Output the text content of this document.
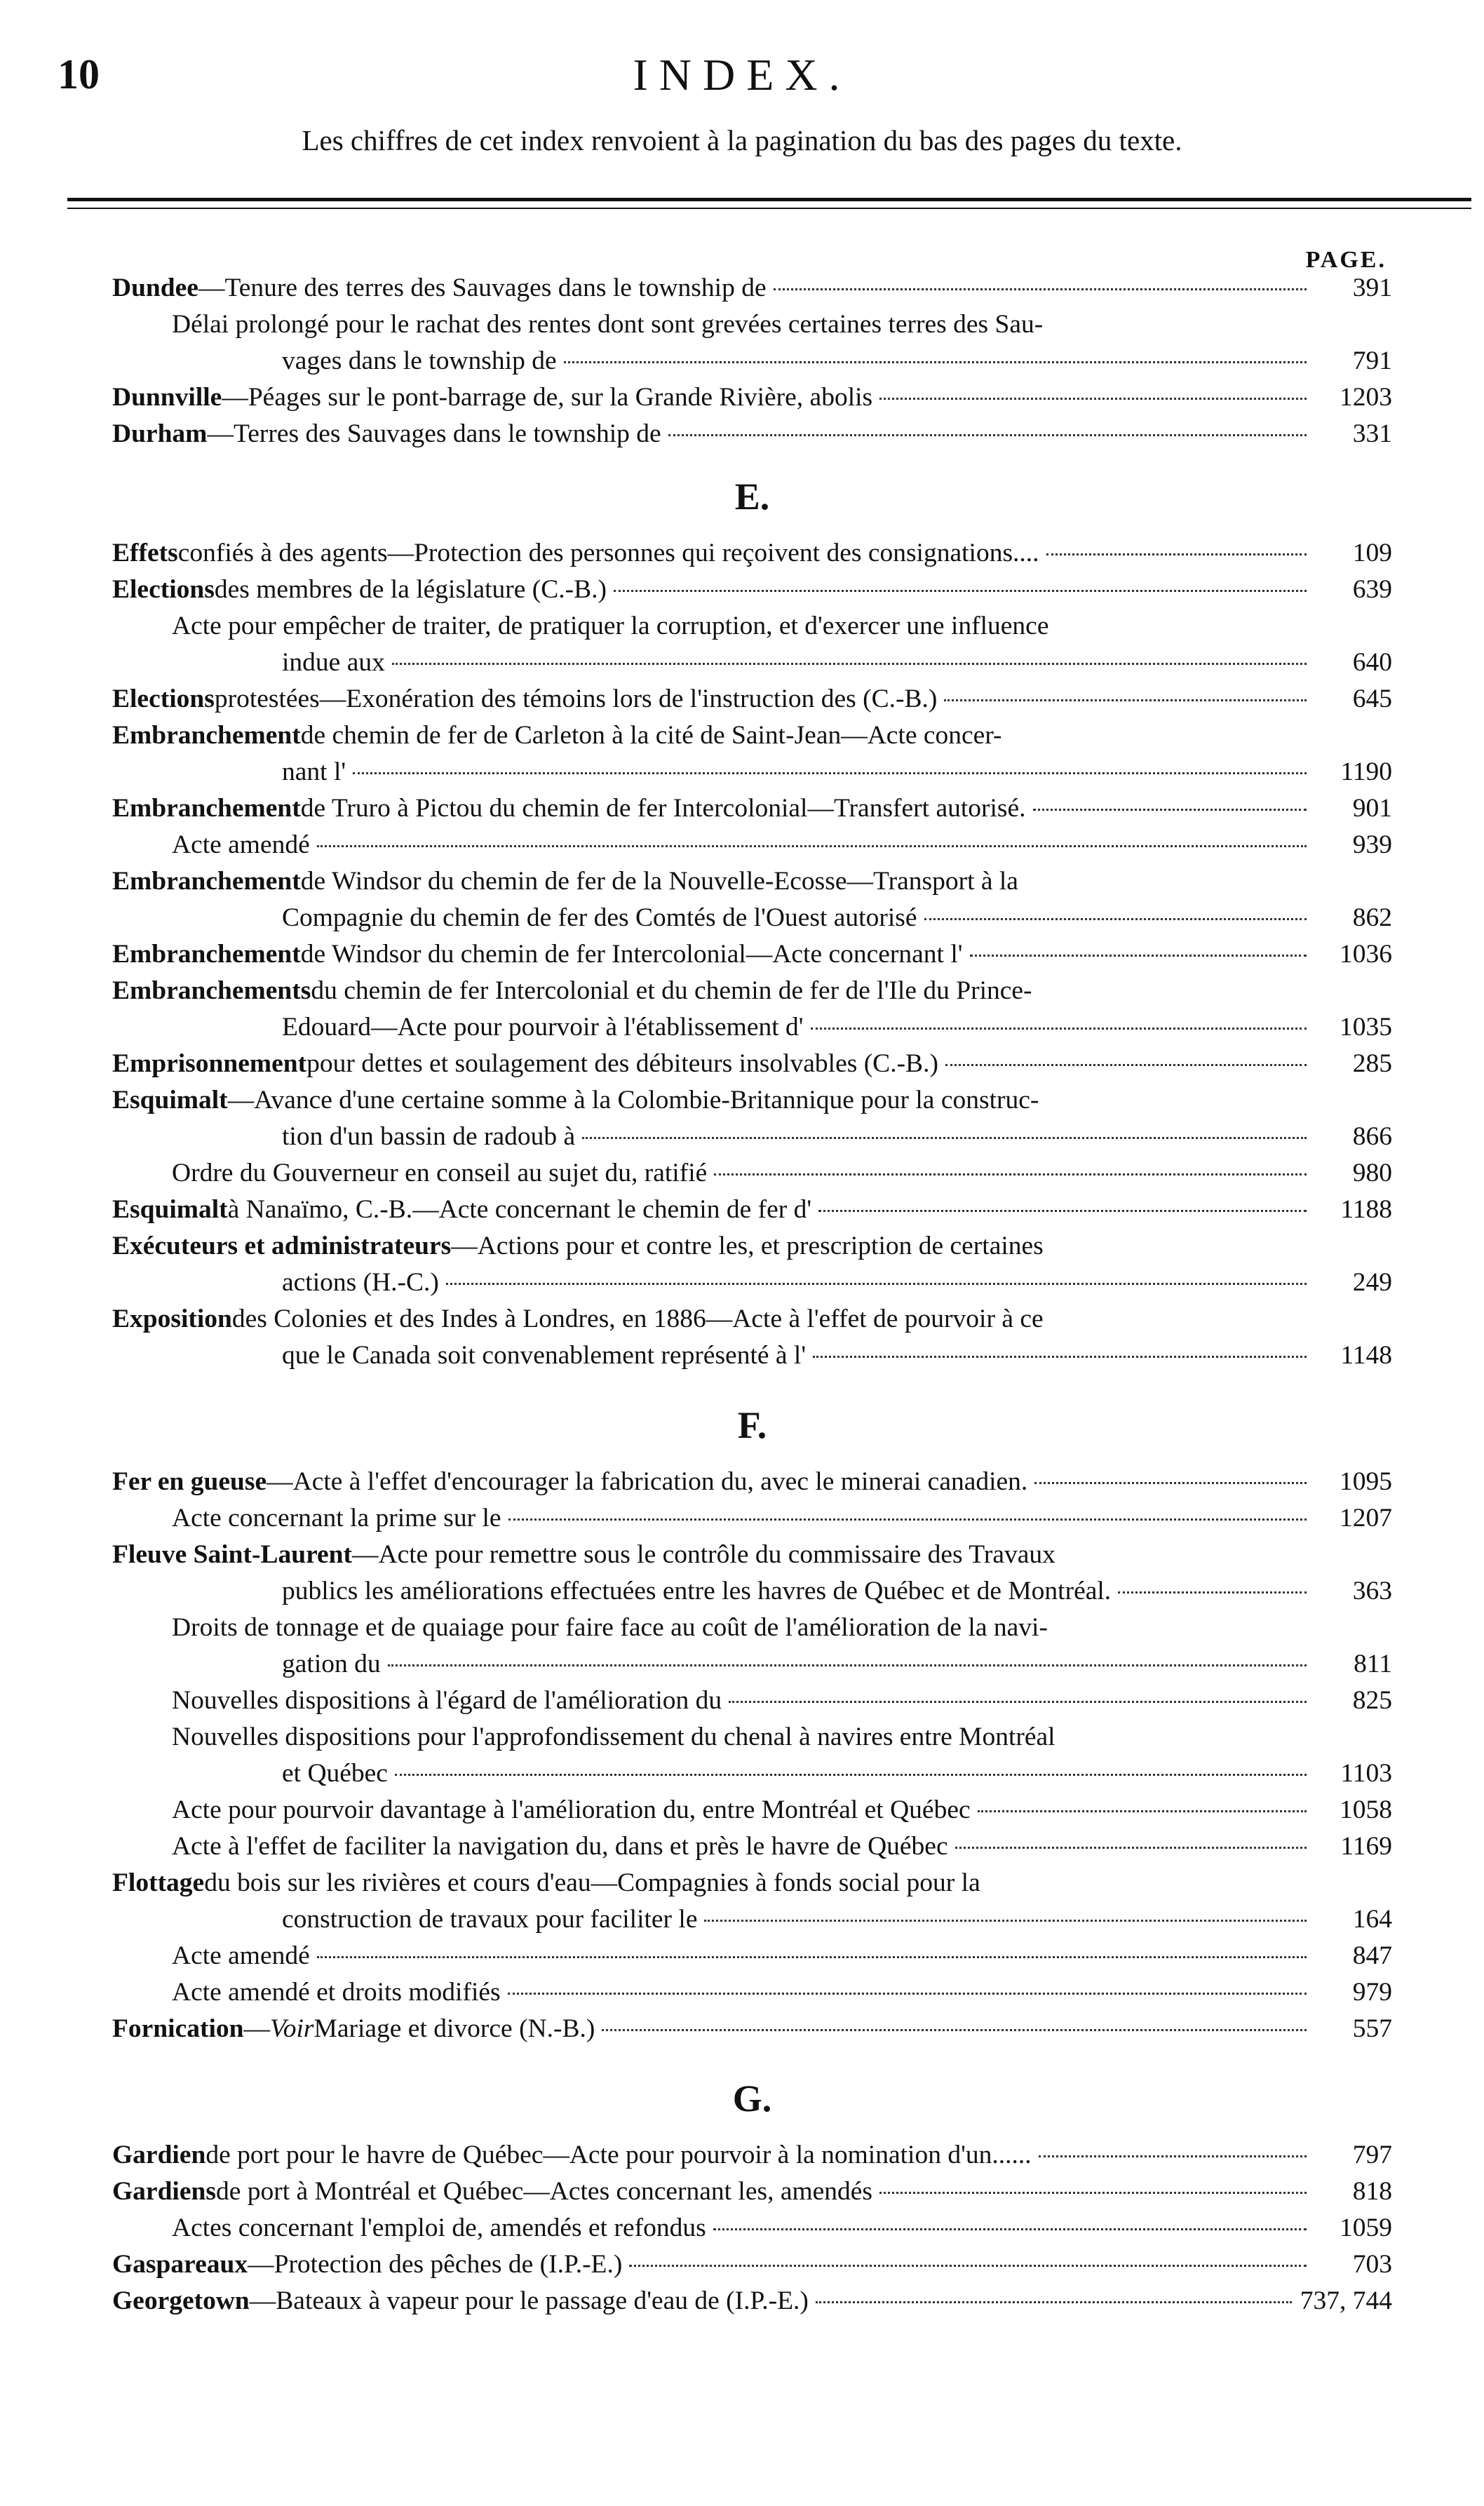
10	INDEX.
Les chiffres de cet index renvoient à la pagination du bas des pages du texte.
PAGE.
Dundee —Tenure des terres des Sauvages dans le township de	391
Délai prolongé pour le rachat des rentes dont sont grevées certaines terres des Sau-
vages dans le township de	791
Dunnville —Péages sur le pont-barrage de, sur la Grande Rivière, abolis	1203
Durham —Terres des Sauvages dans le township de	331
E.
Effets confiés à des agents—Protection des personnes qui reçoivent des consignations....	109
Elections des membres de la législature (C.-B.)	639
Acte pour empêcher de traiter, de pratiquer la corruption, et d'exercer une influence
indue aux	640
Elections protestées—Exonération des témoins lors de l'instruction des (C.-B.)	645
Embranchement de chemin de fer de Carleton à la cité de Saint-Jean—Acte concer-
nant l'	1190
Embranchement de Truro à Pictou du chemin de fer Intercolonial—Transfert autorisé.	901
Acte amendé	939
Embranchement de Windsor du chemin de fer de la Nouvelle-Ecosse—Transport à la
Compagnie du chemin de fer des Comtés de l'Ouest autorisé	862
Embranchement de Windsor du chemin de fer Intercolonial—Acte concernant l'	1036
Embranchements du chemin de fer Intercolonial et du chemin de fer de l'Ile du Prince-
Edouard—Acte pour pourvoir à l'établissement d'	1035
Emprisonnement pour dettes et soulagement des débiteurs insolvables (C.-B.)	285
Esquimalt —Avance d'une certaine somme à la Colombie-Britannique pour la construc-
tion d'un bassin de radoub à	866
Ordre du Gouverneur en conseil au sujet du, ratifié	980
Esquimalt à Nanaïmo, C.-B.—Acte concernant le chemin de fer d'	1188
Exécuteurs et administrateurs —Actions pour et contre les, et prescription de certaines
actions (H.-C.)	249
Exposition des Colonies et des Indes à Londres, en 1886—Acte à l'effet de pourvoir à ce
que le Canada soit convenablement représenté à l'	1148
F.
Fer en gueuse —Acte à l'effet d'encourager la fabrication du, avec le minerai canadien.	1095
Acte concernant la prime sur le	1207
Fleuve Saint-Laurent —Acte pour remettre sous le contrôle du commissaire des Travaux
publics les améliorations effectuées entre les havres de Québec et de Montréal.	363
Droits de tonnage et de quaiage pour faire face au coût de l'amélioration de la navi-
gation du	811
Nouvelles dispositions à l'égard de l'amélioration du	825
Nouvelles dispositions pour l'approfondissement du chenal à navires entre Montréal
et Québec	1103
Acte pour pourvoir davantage à l'amélioration du, entre Montréal et Québec	1058
Acte à l'effet de faciliter la navigation du, dans et près le havre de Québec	1169
Flottage du bois sur les rivières et cours d'eau—Compagnies à fonds social pour la
construction de travaux pour faciliter le	164
Acte amendé	847
Acte amendé et droits modifiés	979
Fornication — Voir Mariage et divorce (N.-B.)	557
G.
Gardien de port pour le havre de Québec—Acte pour pourvoir à la nomination d'un......	797
Gardiens de port à Montréal et Québec—Actes concernant les, amendés	818
Actes concernant l'emploi de, amendés et refondus	1059
Gaspareaux —Protection des pêches de (I.P.-E.)	703
Georgetown —Bateaux à vapeur pour le passage d'eau de (I.P.-E.)	737, 744
